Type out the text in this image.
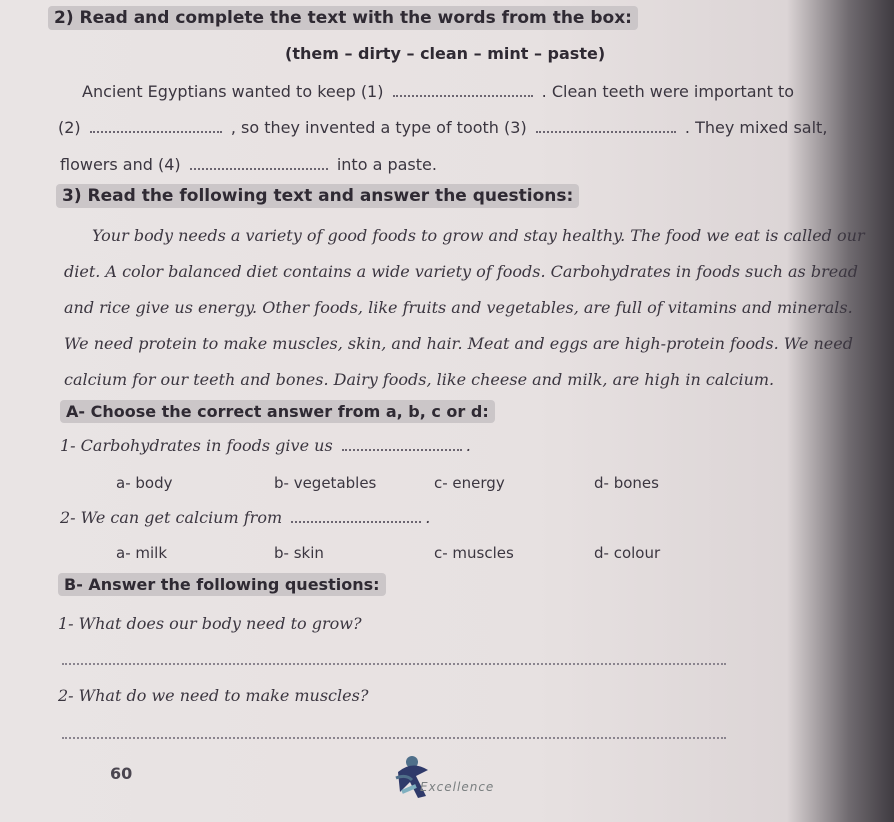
2) Read and complete the text with the words from the box:
(them – dirty – clean – mint – paste)
Ancient Egyptians wanted to keep (1)	. Clean teeth were important to
(2)	, so they invented a type of tooth (3)	. They mixed salt,
flowers and (4)	into a paste.
3) Read the following text and answer the questions:
Your body needs a variety of good foods to grow and stay healthy. The food we eat is called our
diet. A color balanced diet contains a wide variety of foods. Carbohydrates in foods such as bread
and rice give us energy. Other foods, like fruits and vegetables, are full of vitamins and minerals.
We need protein to make muscles, skin, and hair. Meat and eggs are high-protein foods. We need
calcium for our teeth and bones. Dairy foods, like cheese and milk, are high in calcium.
A- Choose the correct answer from a, b, c or d:
1- Carbohydrates in foods give us	.
a- body	b- vegetables	c- energy	d- bones
2- We can get calcium from	.
a- milk	b- skin	c- muscles	d- colour
B- Answer the following questions:
1- What does our body need to grow?
2- What do we need to make muscles?
60
Excellence
